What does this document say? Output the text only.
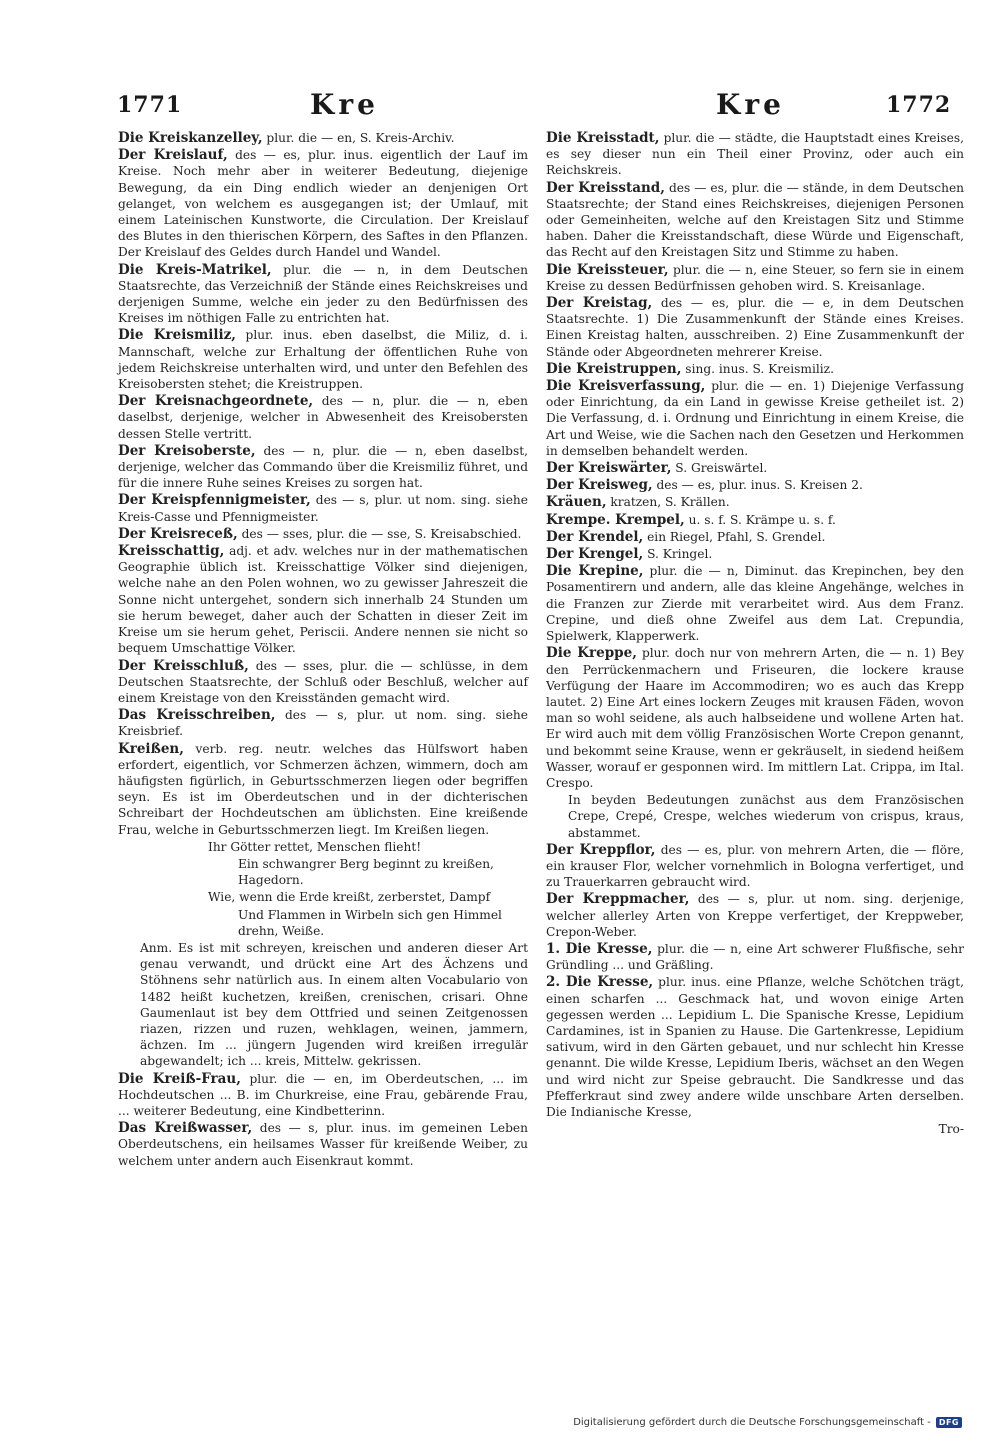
1771	Kre	Kre	1772

Die Kreiskanzelley, plur. die — en, S. Kreis-Archiv.

Der Kreislauf, des — es, plur. inus. eigentlich der Lauf im Kreise. Noch mehr aber in weiterer Bedeutung, diejenige Bewegung, da ein Ding endlich wieder an denjenigen Ort gelanget, von welchem es ausgegangen ist; der Umlauf, mit einem Lateinischen Kunstworte, die Circulation. Der Kreislauf des Blutes in den thierischen Körpern, des Saftes in den Pflanzen. Der Kreislauf des Geldes durch Handel und Wandel.

Die Kreis-Matrikel, plur. die — n, in dem Deutschen Staatsrechte, das Verzeichniß der Stände eines Reichskreises und derjenigen Summe, welche ein jeder zu den Bedürfnissen des Kreises im nöthigen Falle zu entrichten hat.

Die Kreismiliz, plur. inus. eben daselbst, die Miliz, d. i. Mannschaft, welche zur Erhaltung der öffentlichen Ruhe von jedem Reichskreise unterhalten wird, und unter den Befehlen des Kreisobersten stehet; die Kreistruppen.

Der Kreisnachgeordnete, des — n, plur. die — n, eben daselbst, derjenige, welcher in Abwesenheit des Kreisobersten dessen Stelle vertritt.

Der Kreisoberste, des — n, plur. die — n, eben daselbst, derjenige, welcher das Commando über die Kreismiliz führet, und für die innere Ruhe seines Kreises zu sorgen hat.

Der Kreispfennigmeister, des — s, plur. ut nom. sing. siehe Kreis-Casse und Pfennigmeister.

Der Kreisreceß, des — sses, plur. die — sse, S. Kreisabschied.

Kreisschattig, adj. et adv. welches nur in der mathematischen Geographie üblich ist. Kreisschattige Völker sind diejenigen, welche nahe an den Polen wohnen, wo zu gewisser Jahreszeit die Sonne nicht untergehet, sondern sich innerhalb 24 Stunden um sie herum beweget, daher auch der Schatten in dieser Zeit im Kreise um sie herum gehet, Periscii. Andere nennen sie nicht so bequem Umschattige Völker.

Der Kreisschluß, des — sses, plur. die — schlüsse, in dem Deutschen Staatsrechte, der Schluß oder Beschluß, welcher auf einem Kreistage von den Kreisständen gemacht wird.

Das Kreisschreiben, des — s, plur. ut nom. sing. siehe Kreisbrief.

Kreißen, verb. reg. neutr. welches das Hülfswort haben erfordert, eigentlich, vor Schmerzen ächzen, wimmern, doch am häufigsten figürlich, in Geburtsschmerzen liegen oder begriffen seyn. Es ist im Oberdeutschen und in der dichterischen Schreibart der Hochdeutschen am üblichsten. Eine kreißende Frau, welche in Geburtsschmerzen liegt. Im Kreißen liegen.

Ihr Götter rettet, Menschen flieht!

Ein schwangrer Berg beginnt zu kreißen, Hagedorn.

Wie, wenn die Erde kreißt, zerberstet, Dampf

Und Flammen in Wirbeln sich gen Himmel drehn, Weiße.

Anm. Es ist mit schreyen, kreischen und anderen dieser Art genau verwandt, und drückt eine Art des Ächzens und Stöhnens sehr natürlich aus. In einem alten Vocabulario von 1482 heißt kuchetzen, kreißen, crenischen, crisari. Ohne Gaumenlaut ist bey dem Ottfried und seinen Zeitgenossen riazen, rizzen und ruzen, wehklagen, weinen, jammern, ächzen. Im ... jüngern Jugenden wird kreißen irregulär abgewandelt; ich ... kreis, Mittelw. gekrissen.

Die Kreiß-Frau, plur. die — en, im Oberdeutschen, ... im Hochdeutschen ... B. im Churkreise, eine Frau, gebärende Frau, ... weiterer Bedeutung, eine Kindbetterinn.

Das Kreißwasser, des — s, plur. inus. im gemeinen Leben Oberdeutschens, ein heilsames Wasser für kreißende Weiber, zu welchem unter andern auch Eisenkraut kommt.

Die Kreisstadt, plur. die — städte, die Hauptstadt eines Kreises, es sey dieser nun ein Theil einer Provinz, oder auch ein Reichskreis.

Der Kreisstand, des — es, plur. die — stände, in dem Deutschen Staatsrechte; der Stand eines Reichskreises, diejenigen Personen oder Gemeinheiten, welche auf den Kreistagen Sitz und Stimme haben. Daher die Kreisstandschaft, diese Würde und Eigenschaft, das Recht auf den Kreistagen Sitz und Stimme zu haben.

Die Kreissteuer, plur. die — n, eine Steuer, so fern sie in einem Kreise zu dessen Bedürfnissen gehoben wird. S. Kreisanlage.

Der Kreistag, des — es, plur. die — e, in dem Deutschen Staatsrechte. 1) Die Zusammenkunft der Stände eines Kreises. Einen Kreistag halten, ausschreiben. 2) Eine Zusammenkunft der Stände oder Abgeordneten mehrerer Kreise.

Die Kreistruppen, sing. inus. S. Kreismiliz.

Die Kreisverfassung, plur. die — en. 1) Diejenige Verfassung oder Einrichtung, da ein Land in gewisse Kreise getheilet ist. 2) Die Verfassung, d. i. Ordnung und Einrichtung in einem Kreise, die Art und Weise, wie die Sachen nach den Gesetzen und Herkommen in demselben behandelt werden.

Der Kreiswärter, S. Greiswärtel.

Der Kreisweg, des — es, plur. inus. S. Kreisen 2.

Kräuen, kratzen, S. Krällen.

Krempe. Krempel, u. s. f. S. Krämpe u. s. f.

Der Krendel, ein Riegel, Pfahl, S. Grendel.

Der Krengel, S. Kringel.

Die Krepine, plur. die — n, Diminut. das Krepinchen, bey den Posamentirern und andern, alle das kleine Angehänge, welches in die Franzen zur Zierde mit verarbeitet wird. Aus dem Franz. Crepine, und dieß ohne Zweifel aus dem Lat. Crepundia, Spielwerk, Klapperwerk.

Die Kreppe, plur. doch nur von mehrern Arten, die — n. 1) Bey den Perrückenmachern und Friseuren, die lockere krause Verfügung der Haare im Accommodiren; wo es auch das Krepp lautet. 2) Eine Art eines lockern Zeuges mit krausen Fäden, wovon man so wohl seidene, als auch halbseidene und wollene Arten hat. Er wird auch mit dem völlig Französischen Worte Crepon genannt, und bekommt seine Krause, wenn er gekräuselt, in siedend heißem Wasser, worauf er gesponnen wird. Im mittlern Lat. Crippa, im Ital. Crespo.

In beyden Bedeutungen zunächst aus dem Französischen Crepe, Crepé, Crespe, welches wiederum von crispus, kraus, abstammet.

Der Kreppflor, des — es, plur. von mehrern Arten, die — flöre, ein krauser Flor, welcher vornehmlich in Bologna verfertiget, und zu Trauerkarren gebraucht wird.

Der Kreppmacher, des — s, plur. ut nom. sing. derjenige, welcher allerley Arten von Kreppe verfertiget, der Kreppweber, Crepon-Weber.

1. Die Kresse, plur. die — n, eine Art schwerer Flußfische, sehr Gründling ... und Gräßling.

2. Die Kresse, plur. inus. eine Pflanze, welche Schötchen trägt, einen scharfen ... Geschmack hat, und wovon einige Arten gegessen werden ... Lepidium L. Die Spanische Kresse, Lepidium Cardamines, ist in Spanien zu Hause. Die Gartenkresse, Lepidium sativum, wird in den Gärten gebauet, und nur schlecht hin Kresse genannt. Die wilde Kresse, Lepidium Iberis, wächset an den Wegen und wird nicht zur Speise gebraucht. Die Sandkresse und das Pfefferkraut sind zwey andere wilde unschbare Arten derselben. Die Indianische Kresse,

Tro-

Digitalisierung gefördert durch die Deutsche Forschungsgemeinschaft -	DFG
